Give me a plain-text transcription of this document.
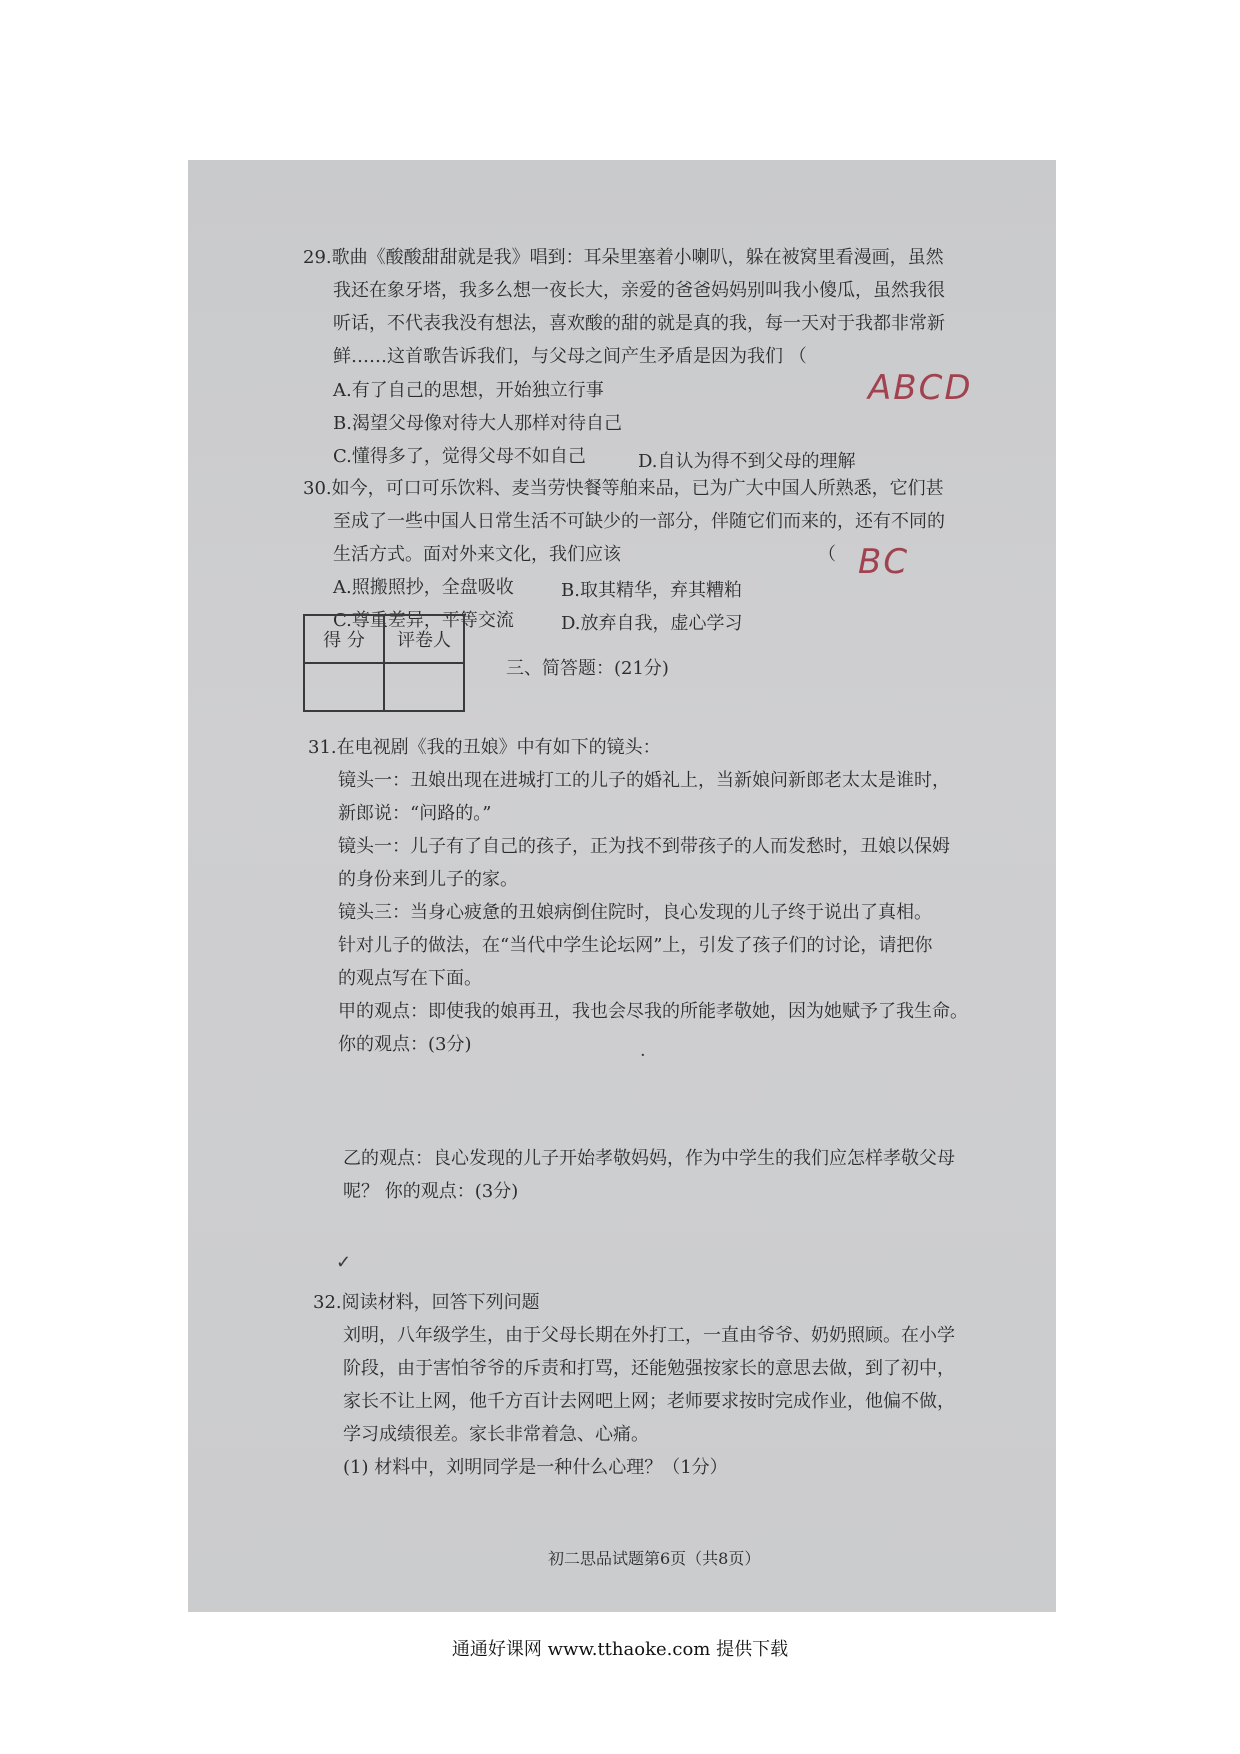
29.歌曲《酸酸甜甜就是我》唱到：耳朵里塞着小喇叭，躲在被窝里看漫画，虽然
我还在象牙塔，我多么想一夜长大，亲爱的爸爸妈妈别叫我小傻瓜，虽然我很
听话，不代表我没有想法，喜欢酸的甜的就是真的我，每一天对于我都非常新
鲜……这首歌告诉我们，与父母之间产生矛盾是因为我们 （
ABCD
A.有了自己的思想，开始独立行事
B.渴望父母像对待大人那样对待自己
C.懂得多了，觉得父母不如自己	D.自认为得不到父母的理解
30.如今，可口可乐饮料、麦当劳快餐等舶来品，已为广大中国人所熟悉，它们甚
至成了一些中国人日常生活不可缺少的一部分，伴随它们而来的，还有不同的
生活方式。面对外来文化，我们应该	（ BC
A.照搬照抄，全盘吸收	B.取其精华，弃其糟粕
C.尊重差异，平等交流	D.放弃自我，虚心学习
得 分	评卷人

三、简答题：(21分)
31.在电视剧《我的丑娘》中有如下的镜头：
镜头一：丑娘出现在进城打工的儿子的婚礼上，当新娘问新郎老太太是谁时，
新郎说：“问路的。”
镜头一：儿子有了自己的孩子，正为找不到带孩子的人而发愁时，丑娘以保姆
的身份来到儿子的家。
镜头三：当身心疲惫的丑娘病倒住院时，良心发现的儿子终于说出了真相。
针对儿子的做法，在“当代中学生论坛网”上，引发了孩子们的讨论，请把你
的观点写在下面。
甲的观点：即使我的娘再丑，我也会尽我的所能孝敬她，因为她赋予了我生命。
你的观点：(3分)
·
乙的观点：良心发现的儿子开始孝敬妈妈，作为中学生的我们应怎样孝敬父母
呢？ 你的观点：(3分)
✓
32.阅读材料，回答下列问题
刘明，八年级学生，由于父母长期在外打工，一直由爷爷、奶奶照顾。在小学
阶段，由于害怕爷爷的斥责和打骂，还能勉强按家长的意思去做，到了初中，
家长不让上网，他千方百计去网吧上网；老师要求按时完成作业，他偏不做，
学习成绩很差。家长非常着急、心痛。
(1) 材料中，刘明同学是一种什么心理？（1分）
初二思品试题第6页（共8页）
通通好课网 www.tthaoke.com 提供下载
